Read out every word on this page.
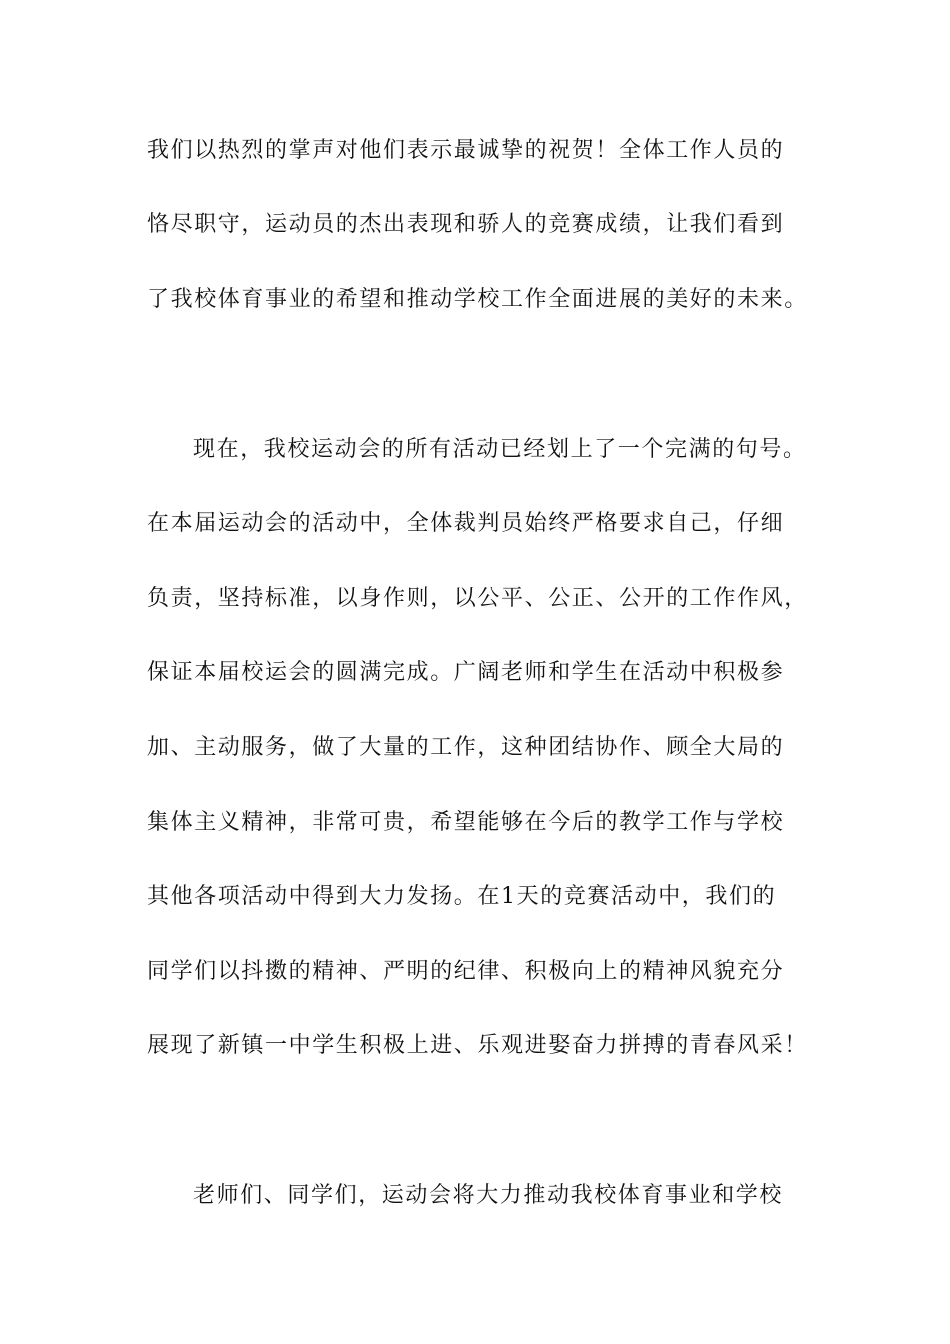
我们以热烈的掌声对他们表示最诚挚的祝贺！全体工作人员的
恪尽职守，运动员的杰出表现和骄人的竞赛成绩，让我们看到
了我校体育事业的希望和推动学校工作全面进展的美好的未来。
现在，我校运动会的所有活动已经划上了一个完满的句号。
在本届运动会的活动中，全体裁判员始终严格要求自己，仔细
负责，坚持标准，以身作则，以公平、公正、公开的工作作风，
保证本届校运会的圆满完成。广阔老师和学生在活动中积极参
加、主动服务，做了大量的工作，这种团结协作、顾全大局的
集体主义精神，非常可贵，希望能够在今后的教学工作与学校
其他各项活动中得到大力发扬。在1天的竞赛活动中，我们的
同学们以抖擞的精神、严明的纪律、积极向上的精神风貌充分
展现了新镇一中学生积极上进、乐观进娶奋力拼搏的青春风采！
老师们、同学们，运动会将大力推动我校体育事业和学校
